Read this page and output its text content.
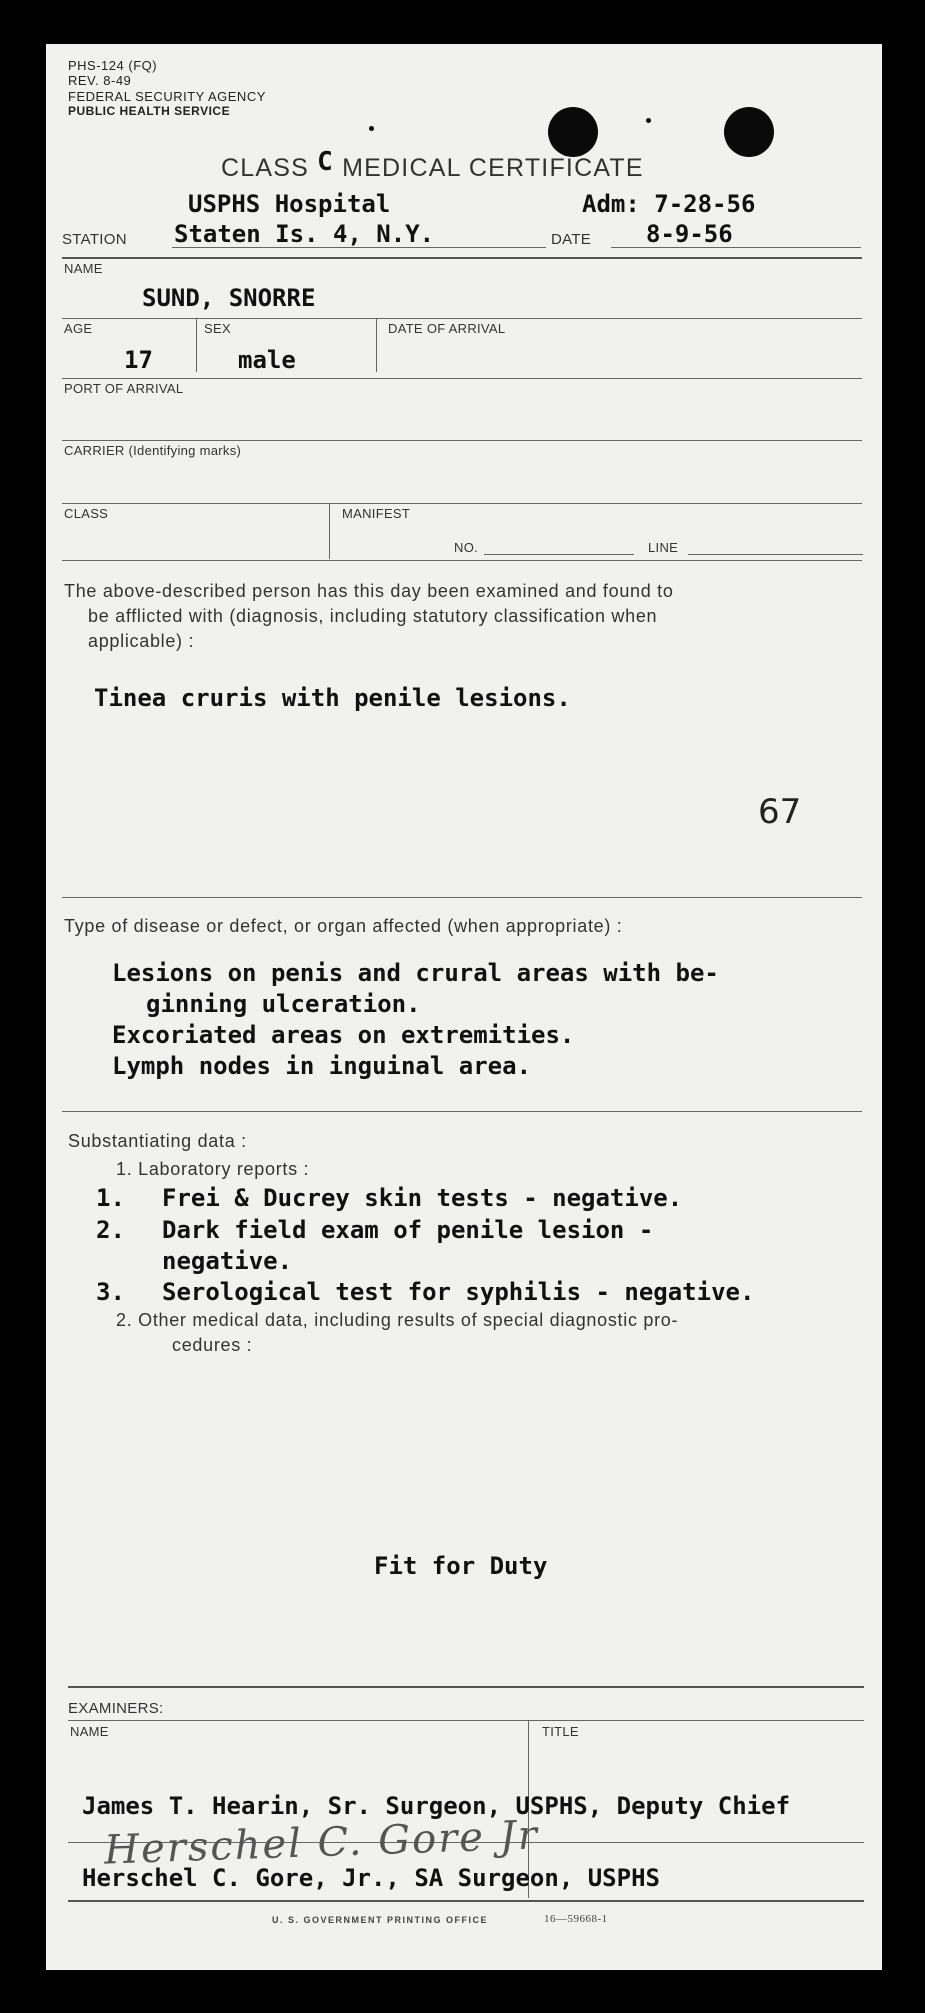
PHS-124 (FQ)
REV. 8-49
FEDERAL SECURITY AGENCY
PUBLIC HEALTH SERVICE
CLASS C MEDICAL CERTIFICATE
USPHS Hospital	Adm: 7-28-56
STATION Staten Is. 4, N.Y.	DATE 8-9-56
NAME
SUND, SNORRE
AGE	SEX	DATE OF ARRIVAL
17	male
PORT OF ARRIVAL
CARRIER (Identifying marks)
CLASS	MANIFEST
NO.	LINE
The above-described person has this day been examined and found to
be afflicted with (diagnosis, including statutory classification when
applicable) :
Tinea cruris with penile lesions.
67
Type of disease or defect, or organ affected (when appropriate) :
Lesions on penis and crural areas with be-
ginning ulceration.
Excoriated areas on extremities.
Lymph nodes in inguinal area.
Substantiating data :
1. Laboratory reports :
1. Frei & Ducrey skin tests - negative.
2. Dark field exam of penile lesion -
negative.
3. Serological test for syphilis - negative.
2. Other medical data, including results of special diagnostic pro-
cedures :
Fit for Duty
EXAMINERS:
NAME	TITLE
James T. Hearin, Sr. Surgeon, USPHS, Deputy Chief
Herschel C. Gore Jr
Herschel C. Gore, Jr., SA Surgeon, USPHS
U. S. GOVERNMENT PRINTING OFFICE	16—59668-1
